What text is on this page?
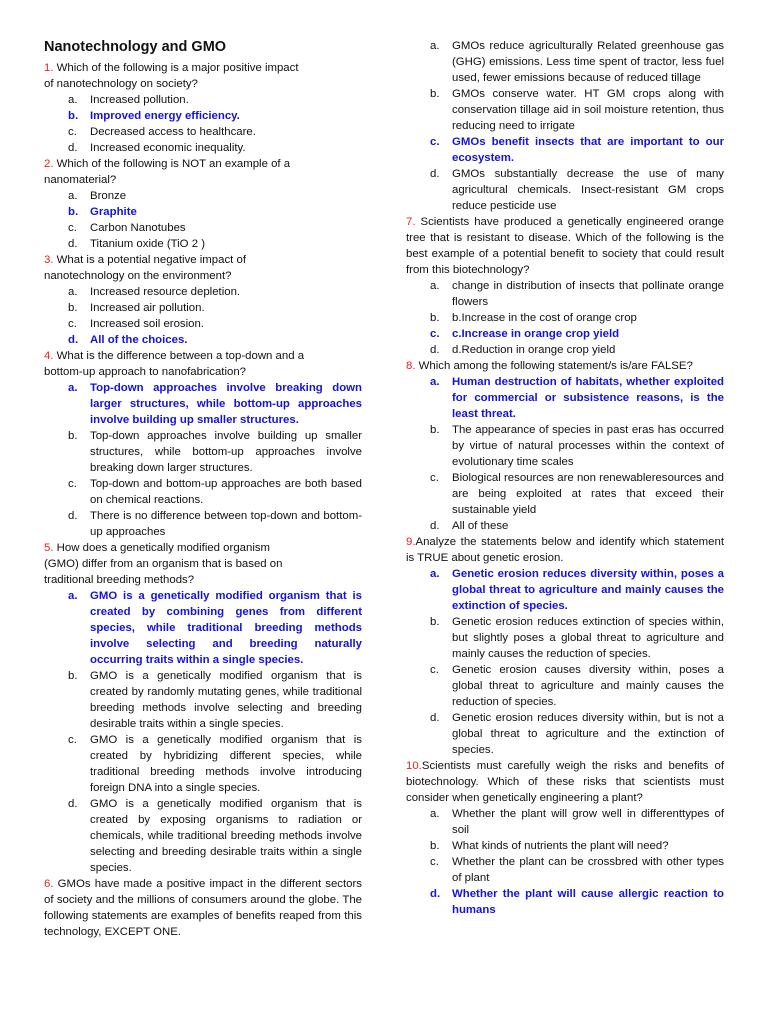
Nanotechnology and GMO

1. Which of the following is a major positive impact of nanotechnology on society?

a. Increased pollution.
b. Improved energy efficiency.
c. Decreased access to healthcare.
d. Increased economic inequality.

2. Which of the following is NOT an example of a nanomaterial?

a. Bronze
b. Graphite
c. Carbon Nanotubes
d. Titanium oxide (TiO 2 )

3. What is a potential negative impact of nanotechnology on the environment?

a. Increased resource depletion.
b. Increased air pollution.
c. Increased soil erosion.
d. All of the choices.

4. What is the difference between a top-down and a bottom-up approach to nanofabrication?

a. Top-down approaches involve breaking down larger structures, while bottom-up approaches involve building up smaller structures.
b. Top-down approaches involve building up smaller structures, while bottom-up approaches involve breaking down larger structures.
c. Top-down and bottom-up approaches are both based on chemical reactions.
d. There is no difference between top-down and bottom-up approaches

5. How does a genetically modified organism (GMO) differ from an organism that is based on traditional breeding methods?

a. GMO is a genetically modified organism that is created by combining genes from different species, while traditional breeding methods involve selecting and breeding naturally occurring traits within a single species.
b. GMO is a genetically modified organism that is created by randomly mutating genes, while traditional breeding methods involve selecting and breeding desirable traits within a single species.
c. GMO is a genetically modified organism that is created by hybridizing different species, while traditional breeding methods involve introducing foreign DNA into a single species.
d. GMO is a genetically modified organism that is created by exposing organisms to radiation or chemicals, while traditional breeding methods involve selecting and breeding desirable traits within a single species.

6. GMOs have made a positive impact in the different sectors of society and the millions of consumers around the globe. The following statements are examples of benefits reaped from this technology, EXCEPT ONE.

a. GMOs reduce agriculturally Related greenhouse gas (GHG) emissions. Less time spent of tractor, less fuel used, fewer emissions because of reduced tillage
b. GMOs conserve water. HT GM crops along with conservation tillage aid in soil moisture retention, thus reducing need to irrigate
c. GMOs benefit insects that are important to our ecosystem.
d. GMOs substantially decrease the use of many agricultural chemicals. Insect-resistant GM crops reduce pesticide use

7. Scientists have produced a genetically engineered orange tree that is resistant to disease. Which of the following is the best example of a potential benefit to society that could result from this biotechnology?

a. change in distribution of insects that pollinate orange flowers
b. b.Increase in the cost of orange crop
c. c.Increase in orange crop yield
d. d.Reduction in orange crop yield

8. Which among the following statement/s is/are FALSE?

a. Human destruction of habitats, whether exploited for commercial or subsistence reasons, is the least threat.
b. The appearance of species in past eras has occurred by virtue of natural processes within the context of evolutionary time scales
c. Biological resources are non renewableresources and are being exploited at rates that exceed their sustainable yield
d. All of these

9.Analyze the statements below and identify which statement is TRUE about genetic erosion.

a. Genetic erosion reduces diversity within, poses a global threat to agriculture and mainly causes the extinction of species.
b. Genetic erosion reduces extinction of species within, but slightly poses a global threat to agriculture and mainly causes the reduction of species.
c. Genetic erosion causes diversity within, poses a global threat to agriculture and mainly causes the reduction of species.
d. Genetic erosion reduces diversity within, but is not a global threat to agriculture and the extinction of species.

10.Scientists must carefully weigh the risks and benefits of biotechnology. Which of these risks that scientists must consider when genetically engineering a plant?

a. Whether the plant will grow well in differenttypes of soil
b. What kinds of nutrients the plant will need?
c. Whether the plant can be crossbred with other types of plant
d. Whether the plant will cause allergic reaction to humans
